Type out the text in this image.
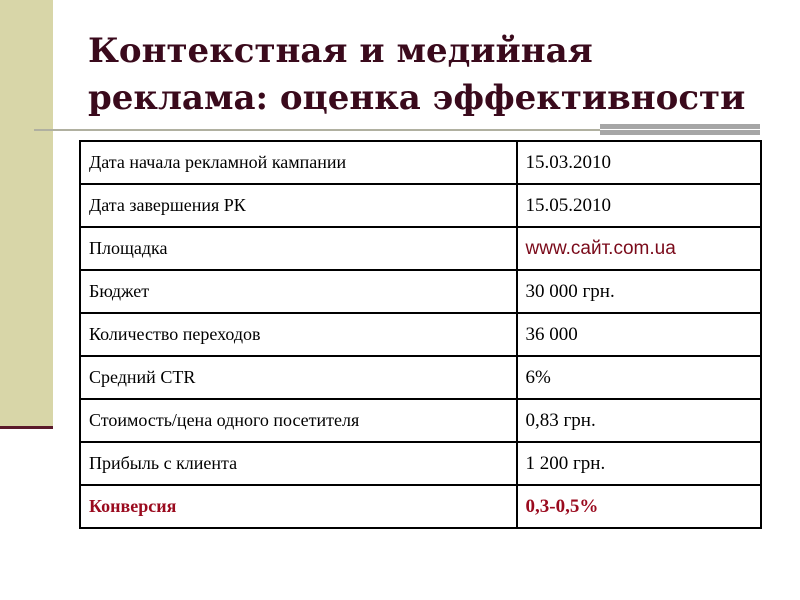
Контекстная и медийная реклама: оценка эффективности
Дата начала рекламной кампании	15.03.2010
Дата завершения РК	15.05.2010
Площадка	www.сайт.com.ua
Бюджет	30 000 грн.
Количество переходов	36 000
Средний CTR	6%
Стоимость/цена одного посетителя	0,83 грн.
Прибыль с клиента	1 200 грн.
Конверсия	0,3-0,5%
